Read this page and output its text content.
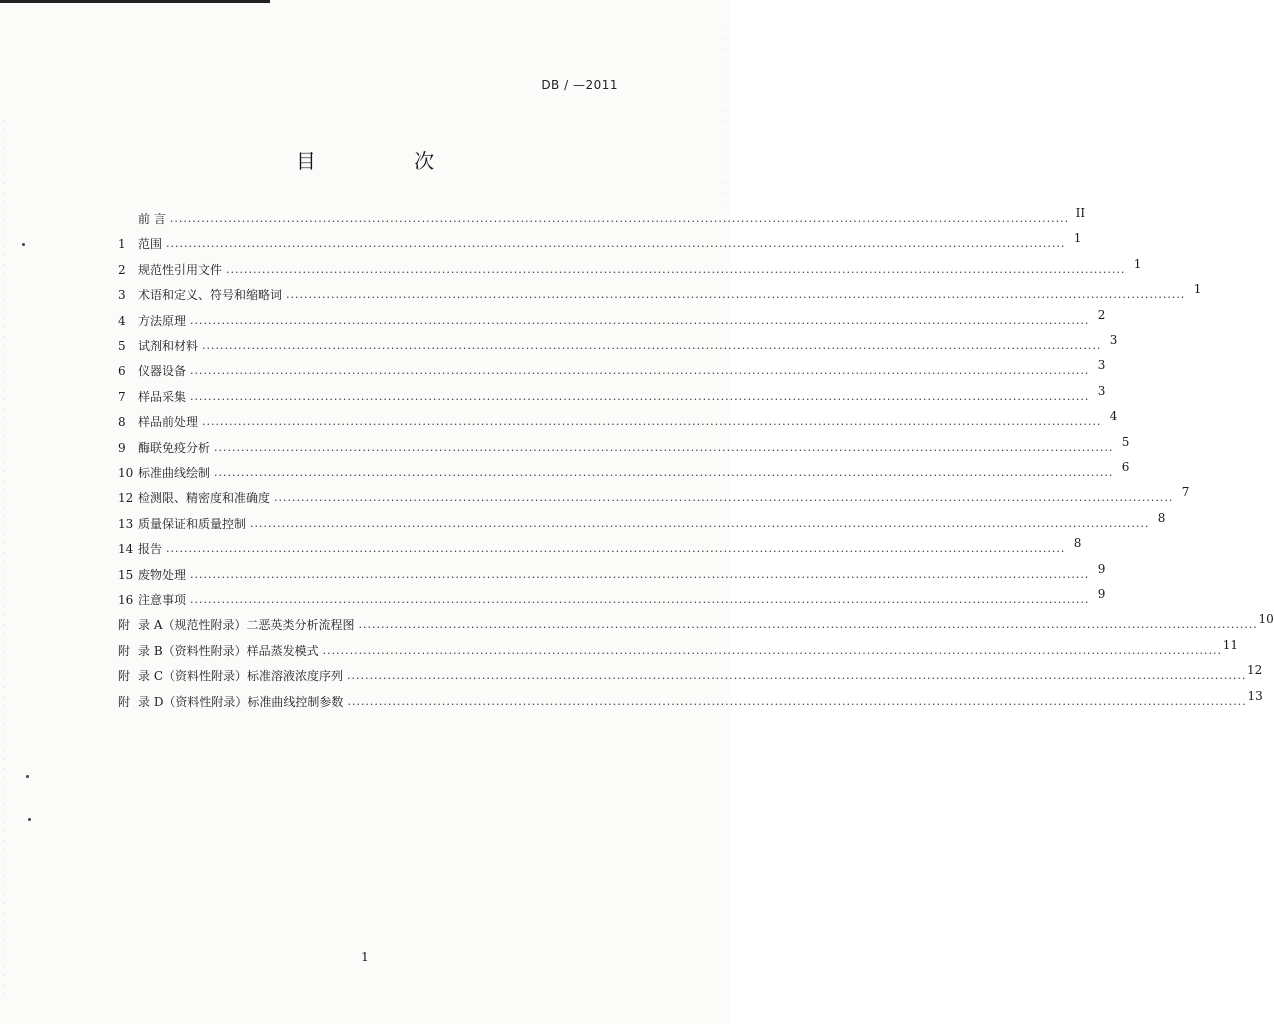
DB / —2011
目 次
前 言 ........................................................................................................................................................................................................ II
1	范围 ........................................................................................................................................................................................................ 1
2	规范性引用文件 ........................................................................................................................................................................................................ 1
3	术语和定义、符号和缩略词 ........................................................................................................................................................................................................ 1
4	方法原理 ........................................................................................................................................................................................................ 2
5	试剂和材料 ........................................................................................................................................................................................................ 3
6	仪器设备 ........................................................................................................................................................................................................ 3
7	样品采集 ........................................................................................................................................................................................................ 3
8	样品前处理 ........................................................................................................................................................................................................ 4
9	酶联免疫分析 ........................................................................................................................................................................................................ 5
10 标准曲线绘制 ........................................................................................................................................................................................................ 6
12 检测限、精密度和准确度 ........................................................................................................................................................................................................ 7
13 质量保证和质量控制 ........................................................................................................................................................................................................ 8
14 报告 ........................................................................................................................................................................................................ 8
15 废物处理 ........................................................................................................................................................................................................ 9
16 注意事项 ........................................................................................................................................................................................................ 9
附 录 A（规范性附录）二恶英类分析流程图 ........................................................................................................................................................................................................ 10
附 录 B（资料性附录）样品蒸发模式 ........................................................................................................................................................................................................ 11
附 录 C（资料性附录）标准溶液浓度序列 ........................................................................................................................................................................................................ 12
附 录 D（资料性附录）标准曲线控制参数 ........................................................................................................................................................................................................ 13
1
